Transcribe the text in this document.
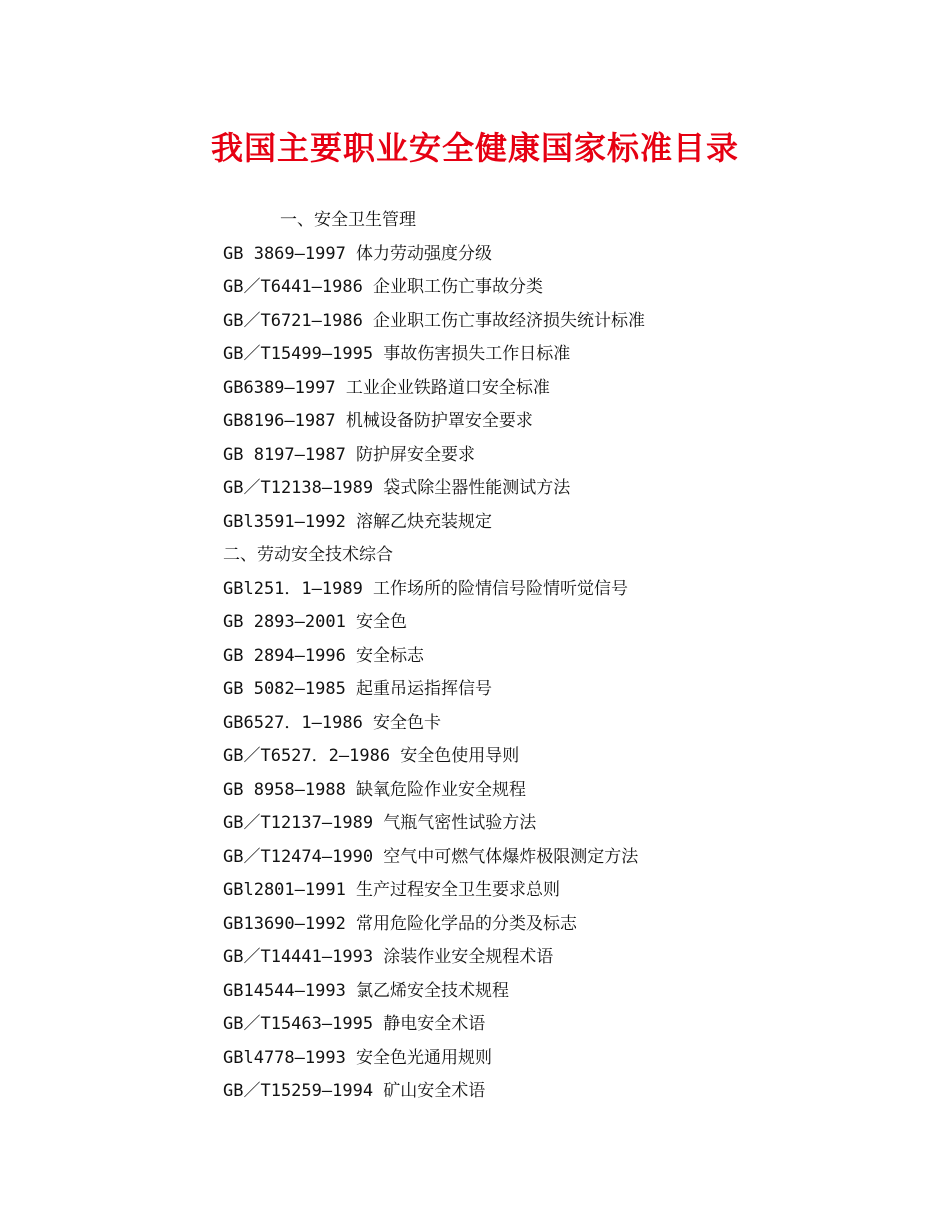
我国主要职业安全健康国家标准目录
一、安全卫生管理
GB 3869—1997 体力劳动强度分级
GB／T6441—1986 企业职工伤亡事故分类
GB／T6721—1986 企业职工伤亡事故经济损失统计标准
GB／T15499—1995 事故伤害损失工作日标准
GB6389—1997 工业企业铁路道口安全标准
GB8196—1987 机械设备防护罩安全要求
GB 8197—1987 防护屏安全要求
GB／T12138—1989 袋式除尘器性能测试方法
GBl3591—1992 溶解乙炔充装规定
二、劳动安全技术综合
GBl251．1—1989 工作场所的险情信号险情听觉信号
GB 2893—2001 安全色
GB 2894—1996 安全标志
GB 5082—1985 起重吊运指挥信号
GB6527．1—1986 安全色卡
GB／T6527．2—1986 安全色使用导则
GB 8958—1988 缺氧危险作业安全规程
GB／T12137—1989 气瓶气密性试验方法
GB／T12474—1990 空气中可燃气体爆炸极限测定方法
GBl2801—1991 生产过程安全卫生要求总则
GB13690—1992 常用危险化学品的分类及标志
GB／T14441—1993 涂装作业安全规程术语
GB14544—1993 氯乙烯安全技术规程
GB／T15463—1995 静电安全术语
GBl4778—1993 安全色光通用规则
GB／T15259—1994 矿山安全术语
